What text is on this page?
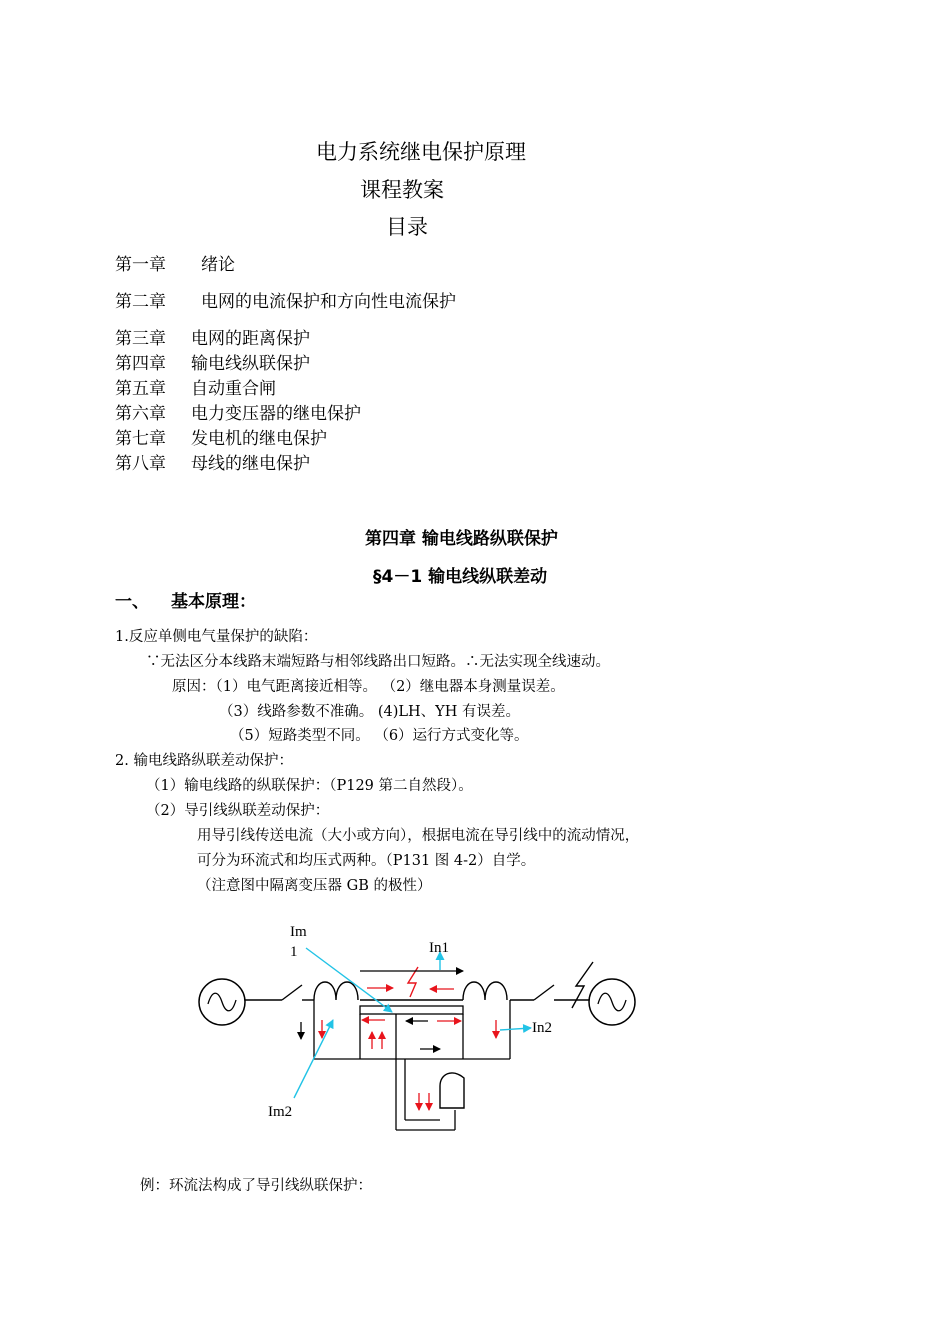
电力系统继电保护原理
课程教案
目录
第一章 绪论
第二章 电网的电流保护和方向性电流保护
第三章 电网的距离保护
第四章 输电线纵联保护
第五章 自动重合闸
第六章 电力变压器的继电保护
第七章 发电机的继电保护
第八章 母线的继电保护
第四章 输电线路纵联保护
§4－1 输电线纵联差动
一、 基本原理：
1.反应单侧电气量保护的缺陷：
∵无法区分本线路末端短路与相邻线路出口短路。∴无法实现全线速动。
原因：（1）电气距离接近相等。 （2）继电器本身测量误差。
（3）线路参数不准确。 (4)LH、YH 有误差。
（5）短路类型不同。 （6）运行方式变化等。
2. 输电线路纵联差动保护：
（1）输电线路的纵联保护：（P129 第二自然段）。
（2）导引线纵联差动保护：
用导引线传送电流（大小或方向），根据电流在导引线中的流动情况，
可分为环流式和均压式两种。（P131 图 4-2）自学。
（注意图中隔离变压器 GB 的极性）
Im
1	In1
In2
Im2
例：环流法构成了导引线纵联保护：
